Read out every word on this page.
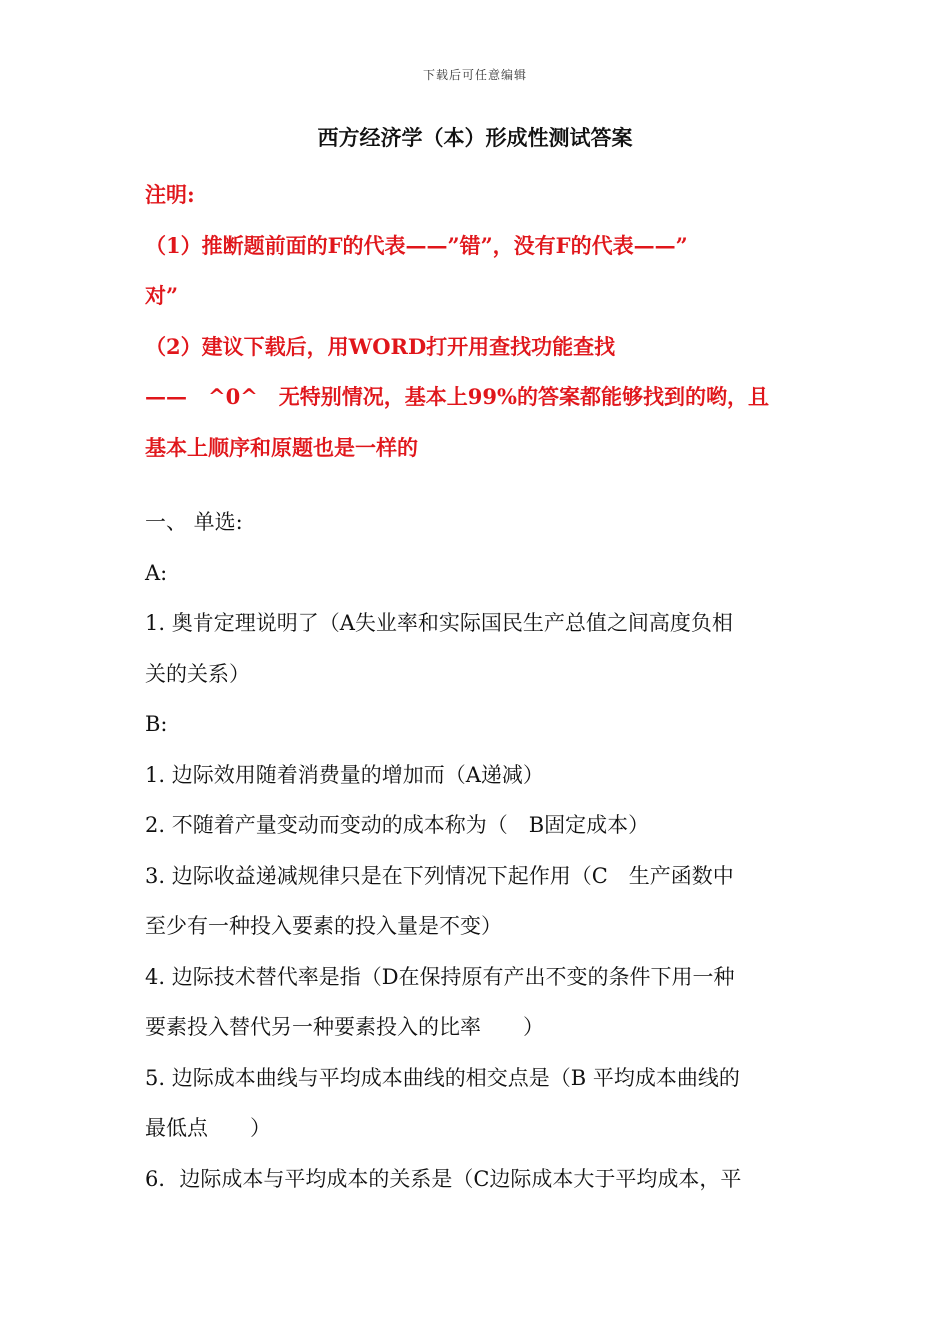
下载后可任意编辑
西方经济学（本）形成性测试答案
注明:
（1）推断题前面的F的代表——”错”，没有F的代表——”
对”
（2）建议下载后，用WORD打开用查找功能查找
——　^0^　无特别情况，基本上99%的答案都能够找到的哟，且
基本上顺序和原题也是一样的
一、 单选:
A:
1. 奥肯定理说明了（A失业率和实际国民生产总值之间高度负相
关的关系）
B:
1. 边际效用随着消费量的增加而（A递减）
2. 不随着产量变动而变动的成本称为（　B固定成本）
3. 边际收益递减规律只是在下列情况下起作用（C　生产函数中
至少有一种投入要素的投入量是不变）
4. 边际技术替代率是指（D在保持原有产出不变的条件下用一种
要素投入替代另一种要素投入的比率　　）
5. 边际成本曲线与平均成本曲线的相交点是（B 平均成本曲线的
最低点　　）
6．边际成本与平均成本的关系是（C边际成本大于平均成本，平
